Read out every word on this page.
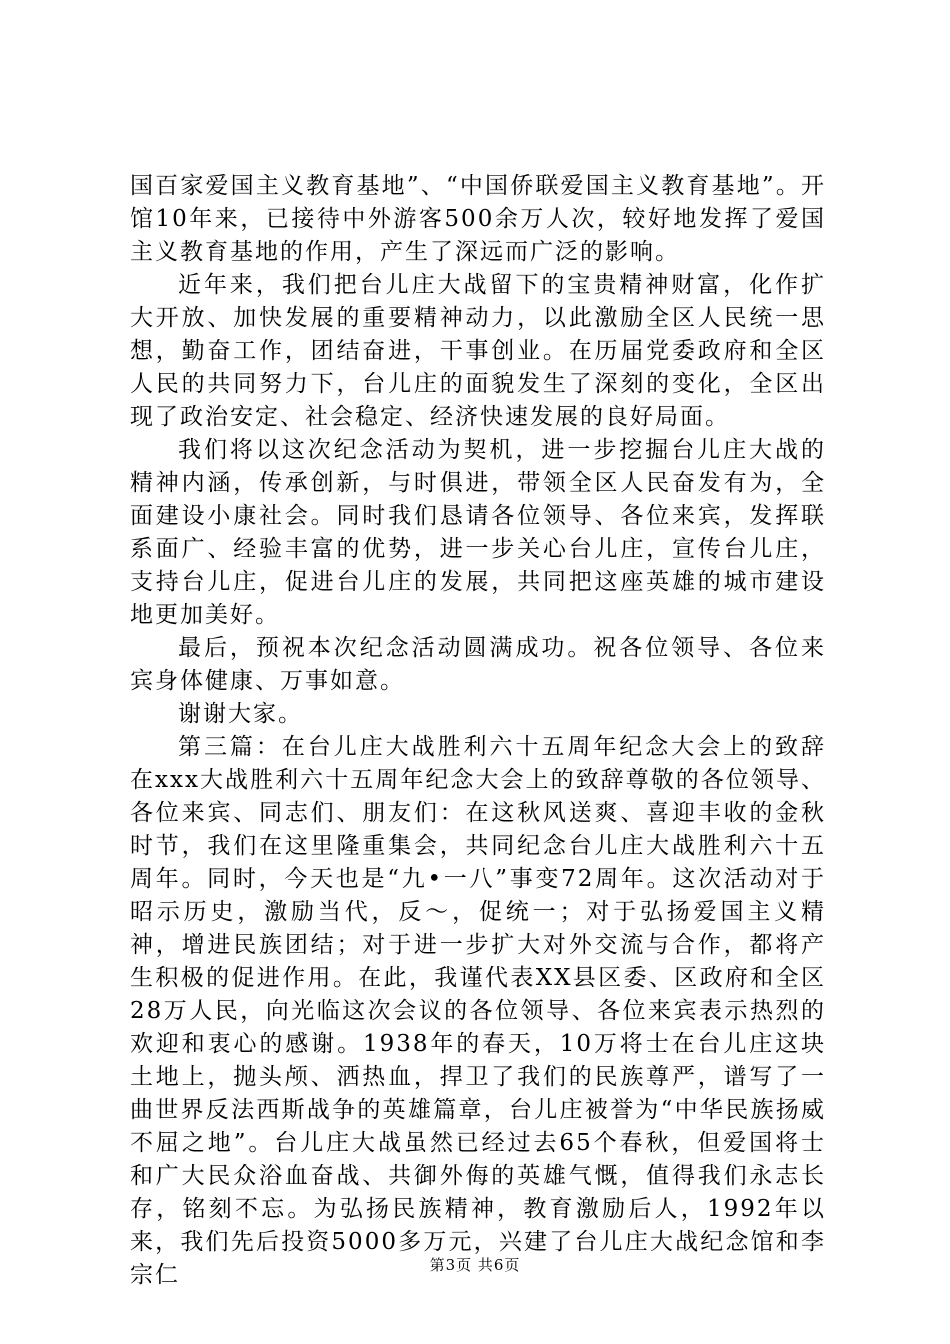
国百家爱国主义教育基地”、“中国侨联爱国主义教育基地”。开馆10年来，已接待中外游客500余万人次，较好地发挥了爱国主义教育基地的作用，产生了深远而广泛的影响。

近年来，我们把台儿庄大战留下的宝贵精神财富，化作扩大开放、加快发展的重要精神动力，以此激励全区人民统一思想，勤奋工作，团结奋进，干事创业。在历届党委政府和全区人民的共同努力下，台儿庄的面貌发生了深刻的变化，全区出现了政治安定、社会稳定、经济快速发展的良好局面。

我们将以这次纪念活动为契机，进一步挖掘台儿庄大战的精神内涵，传承创新，与时俱进，带领全区人民奋发有为，全面建设小康社会。同时我们恳请各位领导、各位来宾，发挥联系面广、经验丰富的优势，进一步关心台儿庄，宣传台儿庄，支持台儿庄，促进台儿庄的发展，共同把这座英雄的城市建设地更加美好。

最后，预祝本次纪念活动圆满成功。祝各位领导、各位来宾身体健康、万事如意。

谢谢大家。

第三篇：在台儿庄大战胜利六十五周年纪念大会上的致辞在xxx大战胜利六十五周年纪念大会上的致辞尊敬的各位领导、各位来宾、同志们、朋友们：在这秋风送爽、喜迎丰收的金秋时节，我们在这里隆重集会，共同纪念台儿庄大战胜利六十五周年。同时，今天也是“九•一八”事变72周年。这次活动对于昭示历史，激励当代，反～，促统一；对于弘扬爱国主义精神，增进民族团结；对于进一步扩大对外交流与合作，都将产生积极的促进作用。在此，我谨代表XX县区委、区政府和全区28万人民，向光临这次会议的各位领导、各位来宾表示热烈的欢迎和衷心的感谢。1938年的春天，10万将士在台儿庄这块土地上，抛头颅、洒热血，捍卫了我们的民族尊严，谱写了一曲世界反法西斯战争的英雄篇章，台儿庄被誉为“中华民族扬威不屈之地”。台儿庄大战虽然已经过去65个春秋，但爱国将士和广大民众浴血奋战、共御外侮的英雄气慨，值得我们永志长存，铭刻不忘。为弘扬民族精神，教育激励后人，1992年以来，我们先后投资5000多万元，兴建了台儿庄大战纪念馆和李宗仁	第3页 共6页
